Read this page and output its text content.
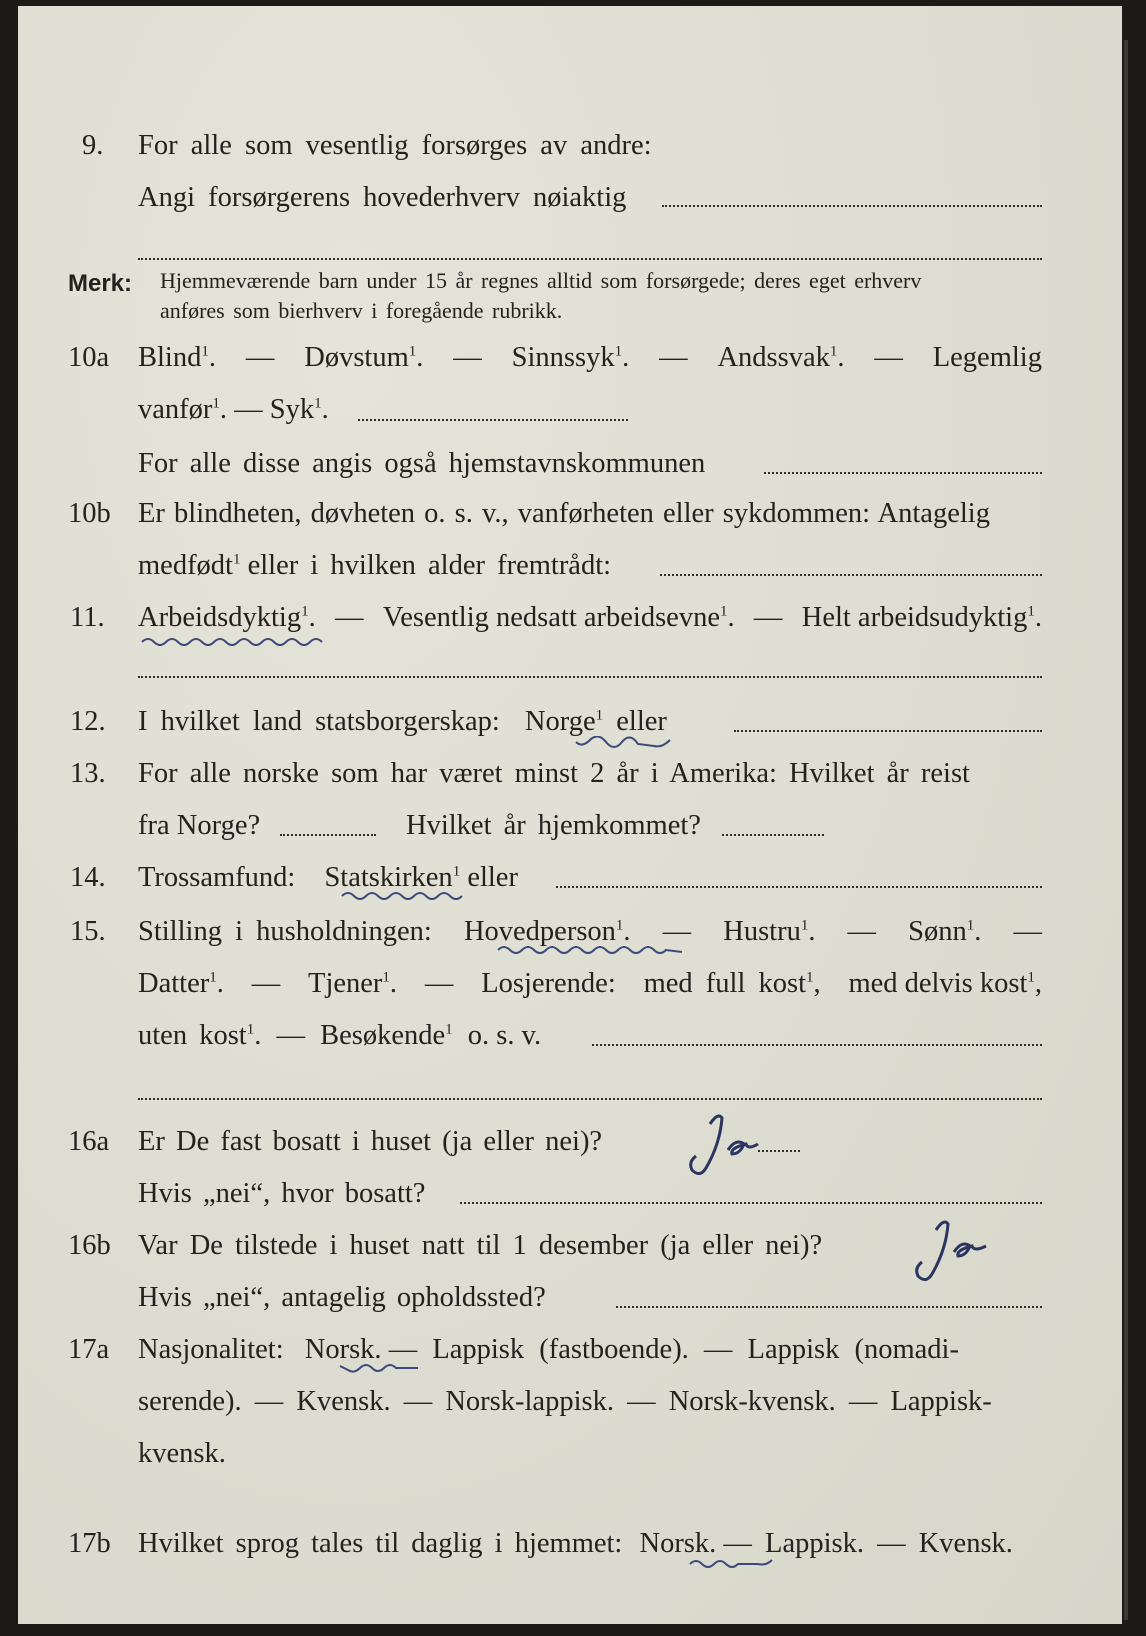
9. For alle som vesentlig forsørges av andre:
Angi forsørgerens hovederhverv nøiaktig
Merk: Hjemmeværende barn under 15 år regnes alltid som forsørgede; deres eget erhverv
anføres som bierhverv i foregående rubrikk.
10a Blind$^1$. — Døvstum$^1$. — Sinnssyk$^1$. — Andssvak$^1$. — Legemlig
vanfør$^1$. — Syk$^1$.
For alle disse angis også hjemstavnskommunen
10b Er blindheten, døvheten o. s. v., vanførheten eller sykdommen: Antagelig
medfødt$^1$ eller i hvilken alder fremtrådt:
11. Arbeidsdyktig$^1$. — Vesentlig nedsatt arbeidsevne$^1$. — Helt arbeidsudyktig$^1$.
12. I hvilket land statsborgerskap: Norge$^1$ eller
13. For alle norske som har været minst 2 år i Amerika: Hvilket år reist
fra Norge?	Hvilket år hjemkommet?
14. Trossamfund: Statskirken$^1$ eller
15. Stilling i husholdningen: Hovedperson$^1$. — Hustru$^1$. — Sønn$^1$. —
Datter$^1$. — Tjener$^1$. — Losjerende: med full kost$^1$, med delvis kost$^1$,
uten kost$^1$. — Besøkende$^1$ o. s. v.
16a Er De fast bosatt i huset (ja eller nei)?
Hvis „nei“, hvor bosatt?
16b Var De tilstede i huset natt til 1 desember (ja eller nei)?
Hvis „nei“, antagelig opholdssted?
17a Nasjonalitet: Norsk. — Lappisk (fastboende). — Lappisk (nomadi-
serende). — Kvensk. — Norsk-lappisk. — Norsk-kvensk. — Lappisk-
kvensk.
17b Hvilket sprog tales til daglig i hjemmet: Norsk. — Lappisk. — Kvensk.
